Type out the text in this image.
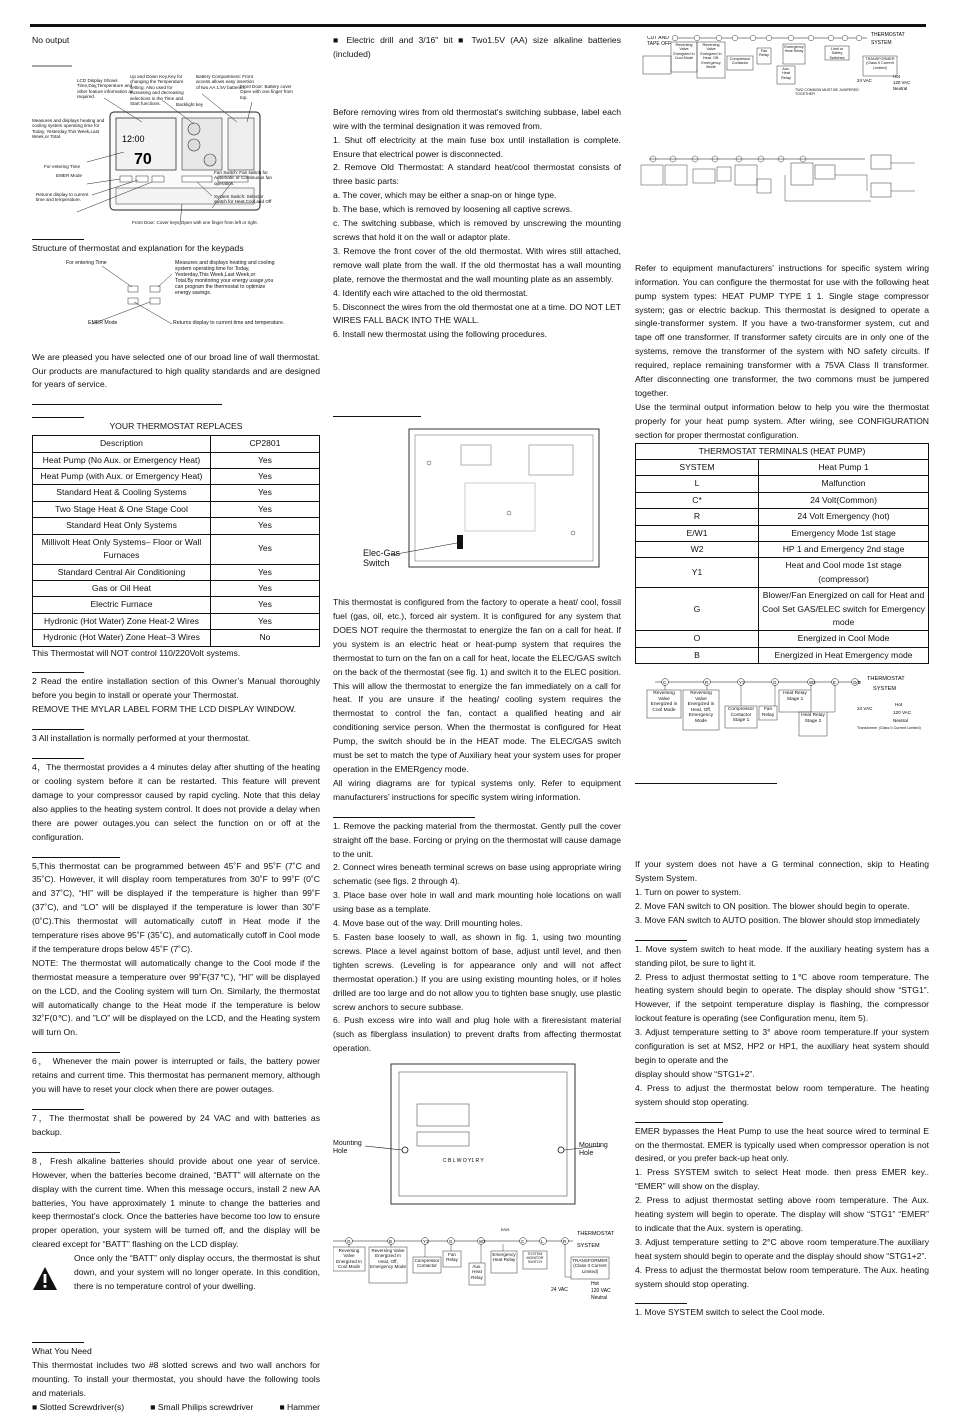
No output

12:00
70
LCD Display Shows Time,Day,Temperature and other feature information as required.
Up and Down Key,Key for changing the Temperature setting. Also used for increasing and decreasing selections in the Time and Start functions.
Battery Compartment: Front access allows easy insertion of two AA 1.5V batteries.
Front Door: Battery cover Open with one finger from top.
Backlight key
Measures and displays heating and cooling system operating time for Today, Yesterday,This Week,Last Week,or Total.
For entering Time
EMER Mode
Returns display to current time and temperature.
Fan Switch: Fan switch for Automatic or Continuous fan operation.
System Switch: Selector switch for Heat,Cool,and Off
Front Door: Cover keys Open with one finger from left or right.

Structure of thermostat and explanation for the keypads

For entering Time	Measures and displays heating and cooling system operating time for Today, Yesterday,This Week,Last Week,or Total.By monitoring your energy usage,you can program the thermostat to optimize energy savings.
EMER Mode	Returns display to current time and temperature.

We are pleased you have selected one of our broad line of wall thermostat. Our products are manufactured to high quality standards and are designed for years of service.

YOUR THERMOSTAT REPLACES
Description	CP2801
Heat Pump (No Aux. or Emergency Heat)	Yes
Heat Pump (with Aux. or Emergency Heat)	Yes
Standard Heat & Cooling Systems	Yes
Two Stage Heat & One Stage Cool	Yes
Standard Heat Only Systems	Yes
Millivolt Heat Only Systems– Floor or Wall Furnaces	Yes
Standard Central Air Conditioning	Yes
Gas or Oil Heat	Yes
Electric Furnace	Yes
Hydronic (Hot Water) Zone Heat-2 Wires	Yes
Hydronic (Hot Water) Zone Heat–3 Wires	No

This Thermostat will NOT control 110/220Volt systems.

2 Read the entire installation section of this Owner’s Manual thoroughly before you begin to install or operate your Thermostat.

REMOVE THE MYLAR LABEL FORM THE LCD DISPLAY WINDOW.

3 All installation is normally performed at your thermostat.

4，The thermostat provides a 4 minutes delay after shutting of the heating or cooling system before it can be restarted. This feature will prevent damage to your compressor caused by rapid cycling. Note that this delay also applies to the heating system control. It does not provide a delay when there are power outages.you can select the function on or off at the configuration.

5,This thermostat can be programmed between 45˚F and 95˚F (7˚C and 35˚C). However, it will display room temperatures from 30˚F to 99˚F (0˚C and 37˚C), “HI” will be displayed if the temperature is higher than 99˚F (37˚C), and “LO” will be displayed if the temperature is lower than 30˚F (0˚C).This thermostat will automatically cutoff in Heat mode if the temperature rises above 95˚F (35˚C), and automatically cutoff in Cool mode if the temperature drops below 45˚F (7˚C).

NOTE: The thermostat will automatically change to the Cool mode if the thermostat measure a temperature over 99˚F(37℃), ”HI” will be displayed on the LCD, and the Cooling system will turn On. Similarly, the thermostat will automatically change to the Heat mode if the temperature is below 32˚F(0℃). and ”LO” will be displayed on the LCD, and the Heating system will turn On.

6， Whenever the main power is interrupted or fails, the battery power retains and current time. This thermostat has permanent memory, although you will have to reset your clock when there are power outages.

7，The thermostat shall be powered by 24 VAC and with batteries as backup.

8，Fresh alkaline batteries should provide about one year of service. However, when the batteries become drained, “BATT” will alternate on the display with the current time. When this message occurs, install 2 new AA batteries, You have approximately 1 minute to change the batteries and keep thermostat’s clock. Once the batteries have become too low to ensure proper operation, your system will be turned off, and the display will be cleared except for “BATT” flashing on the LCD display.

Once only the “BATT” only display occurs, the thermostat is shut down, and your system will no longer operate. In this condition, there is no temperature control of your dwelling.

What You Need

This thermostat includes two #8 slotted screws and two wall anchors for mounting. To install your thermostat, you should have the following tools and materials.

■ Slotted Screwdriver(s)	■ Small Philips screwdriver	■ Hammer

■ Electric drill and 3/16" bit ■ Two1.5V (AA) size alkaline batteries (included)

Before removing wires from old thermostat's switching subbase, label each wire with the terminal designation it was removed from.

1. Shut off electricity at the main fuse box until installation is complete. Ensure that electrical power is disconnected.

2. Remove Old Thermostat: A standard heat/cool thermostat consists of three basic parts:

a. The cover, which may be either a snap-on or hinge type.

b. The base, which is removed by loosening all captive screws.

c. The switching subbase, which is removed by unscrewing the mounting screws that hold it on the wall or adaptor plate.

3. Remove the front cover of the old thermostat. With wires still attached, remove wall plate from the wall. If the old thermostat has a wall mounting plate, remove the thermostat and the wall mounting plate as an assembly.

4. Identify each wire attached to the old thermostat.

5. Disconnect the wires from the old thermostat one at a time. DO NOT LET WIRES FALL BACK INTO THE WALL.

6. Install new thermostat using the following procedures.

Elec-Gas Switch

This thermostat is configured from the factory to operate a heat/ cool, fossil fuel (gas, oil, etc.), forced air system. It is configured for any system that DOES NOT require the thermostat to energize the fan on a call for heat. If you system is an electric heat or heat-pump system that requires the thermostat to turn on the fan on a call for heat, locate the ELEC/GAS switch on the back of the thermostat (see fig. 1) and switch it to the ELEC position. This will allow the thermostat to energize the fan immediately on a call for heat. If you are unsure if the heating/ cooling system requires the thermostat to control the fan, contact a qualified heating and air conditioning service person. When the thermostat is configured for Heat Pump, the switch should be in the HEAT mode. The ELEC/GAS switch must be set to match the type of Auxiliary heat your system uses for proper operation in the EMERgency mode.

All wiring diagrams are for typical systems only. Refer to equipment manufacturers’ instructions for specific system wiring information.

1. Remove the packing material from the thermostat. Gently pull the cover straight off the base. Forcing or prying on the thermostat will cause damage to the unit.

2. Connect wires beneath terminal screws on base using appropriate wiring schematic (see figs. 2 through 4).

3. Place base over hole in wall and mark mounting hole locations on wall using base as a template.

4. Move base out of the way. Drill mounting holes.

5. Fasten base loosely to wall, as shown in fig. 1, using two mounting screws. Place a level against bottom of base, adjust until level, and then tighten screws. (Leveling is for appearance only and will not affect thermostat operation.) If you are using existing mounting holes, or if holes drilled are too large and do not allow you to tighten base snugly, use plastic screw anchors to secure subbase.

6. Push excess wire into wall and plug hole with a fireresistant material (such as fiberglass insulation) to prevent drafts from affecting thermostat operation.

C B L W O Y1 R Y
Mounting Hole
Mounting Hole

THERMOSTAT
SYSTEM
E/W1
24 VAC
Hot
120 VAC
Neutral
O	B	Y1	G	W2	C	L	R
Reversing Valve Energized In Cool Mode
Reversing Valve Energized In Heat, Off, Emergency Mode
Compressor Contactor
Fan Relay
Aux. Heat Relay
Emergency Heat Relay
SYSTEM MONITOR SWITCH	TRANSFORMER (Class II Current Limited)
THERMOSTAT
SYSTEM
CUT AND TAPE OFF
TWO COMMON MUST BE JUMPERED TOGETHER
24 VAC
Hot
120 VAC
Neutral
Reversing Valve Energized In Cool Mode
Reversing Valve Energized In Heat, Off, Emergency Mode
Compressor Contactor
Fan Relay
Emergency Heat Relay
Aux. Heat Relay
Limit or Safety Switches	TRANSFORMER (Class II Current Limited)

Refer to equipment manufacturers' instructions for specific system wiring information. You can configure the thermostat for use with the following heat pump system types: HEAT PUMP TYPE 1 1. Single stage compressor system; gas or electric backup. This thermostat is designed to operate a single-transformer system. If you have a two-transformer system, cut and tape off one transformer. If transformer safety circuits are in only one of the systems, remove the transformer of the system with NO safety circuits. If required, replace remaining transformer with a 75VA Class II transformer. After disconnecting one transformer, the two commons must be jumpered together.

Use the terminal output information below to help you wire the thermostat properly for your heat pump system. After wiring, see CONFIGURATION section for proper thermostat configuration.

THERMOSTAT TERMINALS (HEAT PUMP)	
SYSTEM	Heat Pump 1
L	Malfunction
C*	24 Volt(Common)
R	24 Volt Emergency (hot)
E/W1	Emergency Mode 1st stage
W2	HP 1 and Emergency 2nd stage
Y1	Heat and Cool mode 1st stage (compressor)
G	Blower/Fan Energized on call for Heat and Cool Set GAS/ELEC switch for Emergency mode
O	Energized in Cool Mode
B	Energized in Heat Emergency mode
THERMOSTAT
SYSTEM
24 VAC
Hot
120 VAC
Neutral
Transformer (Class II Current Limited)
C	R	Y1	G	W2	E	O/B
Reversing Valve Energized in Cool Mode
Reversing Valve Energized in Heat, Off, Emergency Mode
Compressor Contactor Stage 1
Fan Relay
Heat Relay Stage 1
Heat Relay Stage 2

If your system does not have a G terminal connection, skip to Heating System System.

1. Turn on power to system.

2. Move FAN switch to ON position. The blower should begin to operate.

3. Move FAN switch to AUTO position. The blower should stop immediately

1. Move system switch to heat mode. If the auxiliary heating system has a standing pilot, be sure to light it.

2. Press to adjust thermostat setting to 1℃ above room temperature. The heating system should begin to operate. The display should show “STG1”. However, if the setpoint temperature display is flashing, the compressor lockout feature is operating (see Configuration menu, item 5).

3. Adjust temperature setting to 3° above room temperature.If your system configuration is set at MS2, HP2 or HP1, the auxiliary heat system should begin to operate and the

display should show “STG1+2”.

4. Press to adjust the thermostat below room temperature. The heating system should stop operating.

EMER bypasses the Heat Pump to use the heat source wired to terminal E on the thermostat. EMER is typically used when compressor operation is not desired, or you prefer back-up heat only.

1. Press SYSTEM switch to select Heat mode. then press EMER key.. “EMER” will show on the display.

2. Press to adjust thermostat setting above room temperature. The Aux. heating system will begin to operate. The display will show “STG1” “EMER” to indicate that the Aux. system is operating.

3. Adjust temperature setting to 2°C above room temperature.The auxiliary heat system should begin to operate and the display should show “STG1+2”.

4. Press to adjust the thermostat below room temperature. The Aux. heating system should stop operating.

1. Move SYSTEM switch to select the Cool mode.
